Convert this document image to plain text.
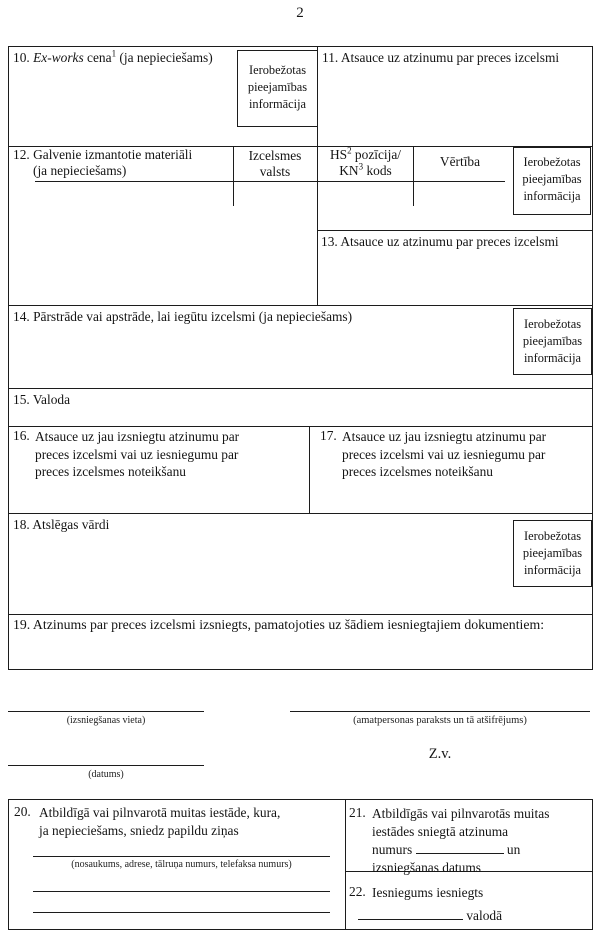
2
10. Ex-works cena$^1$ (ja nepieciešams)
Ierobežotas
pieejamības
informācija
11. Atsauce uz atzinumu par preces izcelsmi
12. Galvenie izmantotie materiāli
(ja nepieciešams)
Izcelsmes
valsts
$HS^2$ pozīcija/
$KN^3$ kods
Vērtība	Ierobežotas
pieejamības
informācija
13. Atsauce uz atzinumu par preces izcelsmi
14. Pārstrāde vai apstrāde, lai iegūtu izcelsmi (ja nepieciešams)	Ierobežotas
pieejamības
informācija
15. Valoda
16. Atsauce uz jau izsniegtu atzinumu par
preces izcelsmi vai uz iesniegumu par
preces izcelsmes noteikšanu
17. Atsauce uz jau izsniegtu atzinumu par
preces izcelsmi vai uz iesniegumu par
preces izcelsmes noteikšanu
18. Atslēgas vārdi
Ierobežotas
pieejamības
informācija
19. Atzinums par preces izcelsmi izsniegts, pamatojoties uz šādiem iesniegtajiem dokumentiem:
(izsniegšanas vieta)	(amatpersonas paraksts un tā atšifrējums)
Z.v.
(datums)
20. Atbildīgā vai pilnvarotā muitas iestāde, kura,
ja nepieciešams, sniedz papildu ziņas
(nosaukums, adrese, tālruņa numurs, telefaksa numurs)
21. Atbildīgās vai pilnvarotās muitas
iestādes sniegtā atzinuma
numurs	un
izsniegšanas datums
22. Iesniegums iesniegts
valodā
